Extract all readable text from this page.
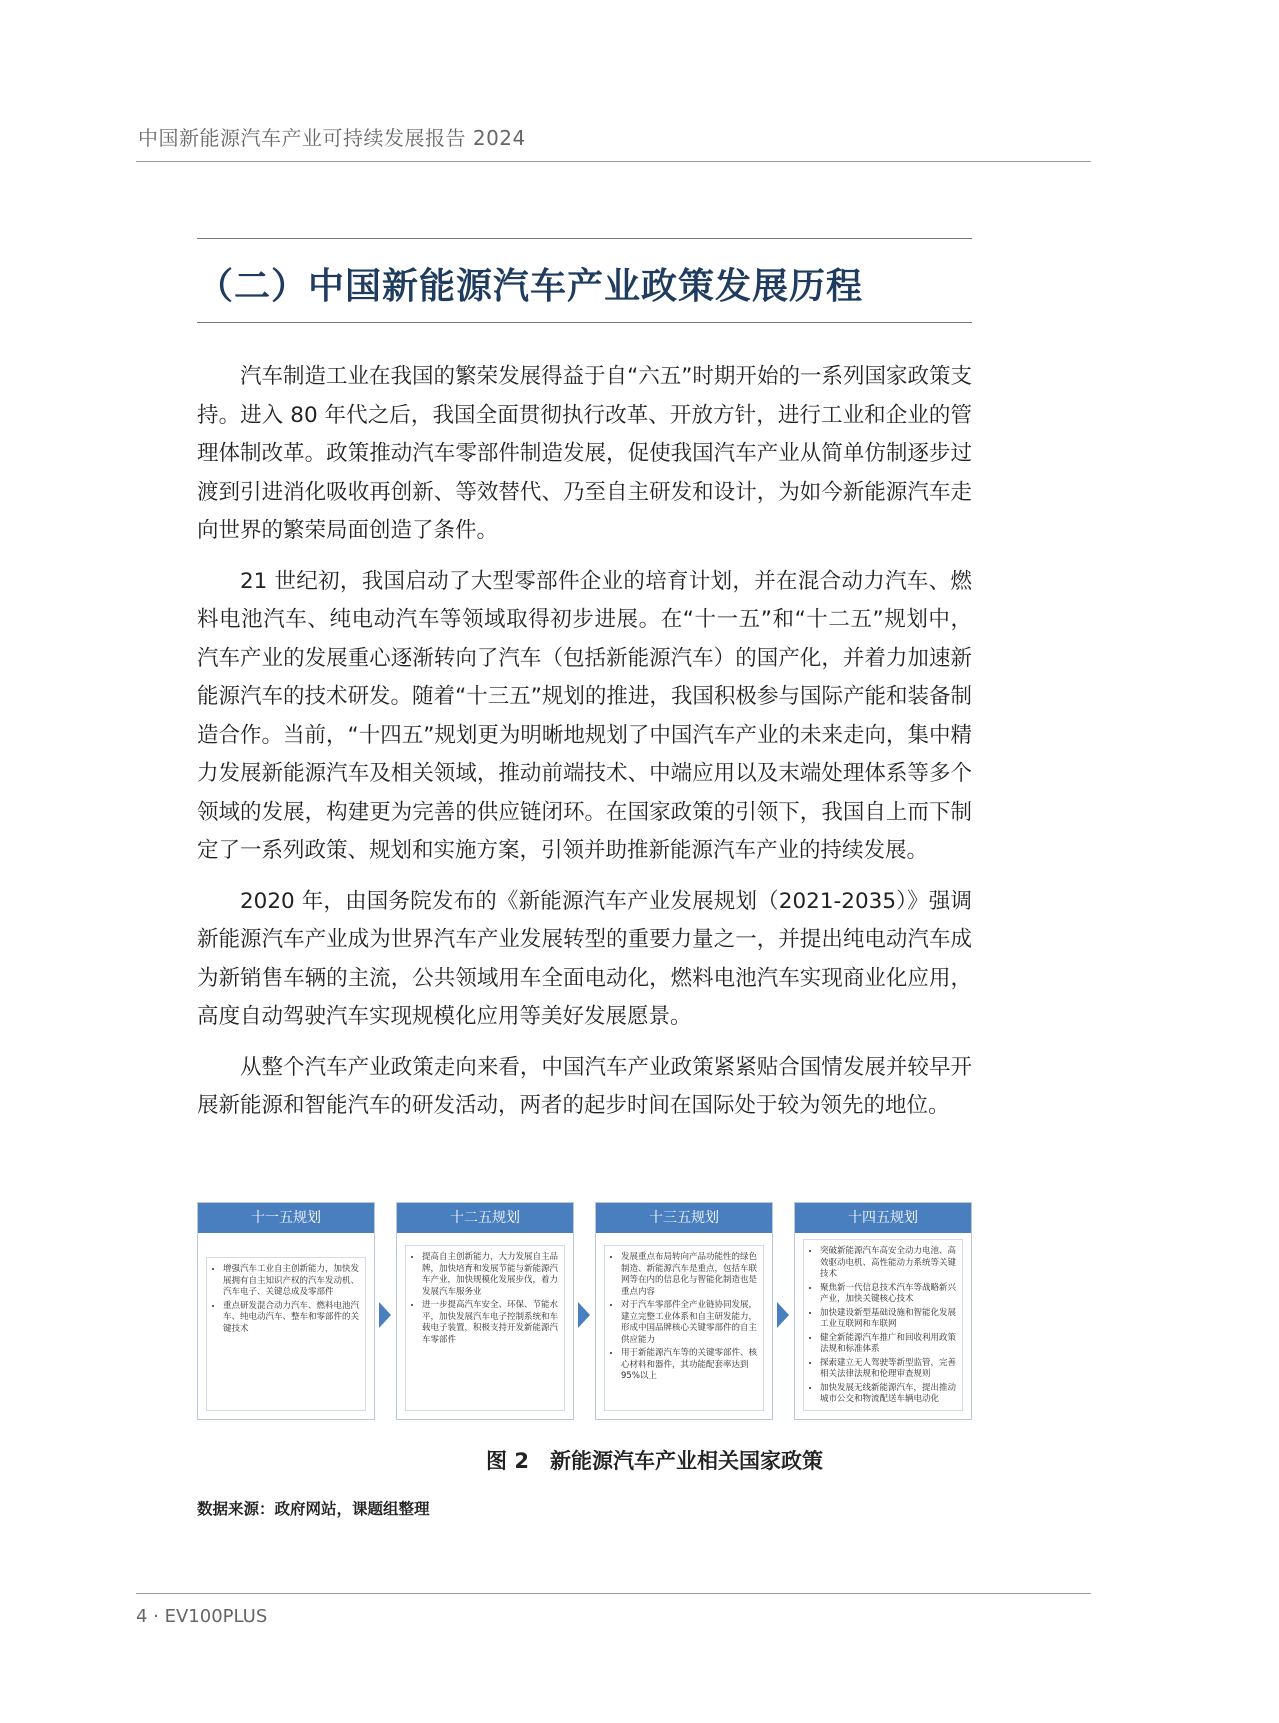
中国新能源汽车产业可持续发展报告 2024
（二）中国新能源汽车产业政策发展历程

汽车制造工业在我国的繁荣发展得益于自“六五”时期开始的一系列国家政策支持。进入 80 年代之后，我国全面贯彻执行改革、开放方针，进行工业和企业的管理体制改革。政策推动汽车零部件制造发展，促使我国汽车产业从简单仿制逐步过渡到引进消化吸收再创新、等效替代、乃至自主研发和设计，为如今新能源汽车走向世界的繁荣局面创造了条件。

21 世纪初，我国启动了大型零部件企业的培育计划，并在混合动力汽车、燃料电池汽车、纯电动汽车等领域取得初步进展。在“十一五”和“十二五”规划中，汽车产业的发展重心逐渐转向了汽车（包括新能源汽车）的国产化，并着力加速新能源汽车的技术研发。随着“十三五”规划的推进，我国积极参与国际产能和装备制造合作。当前，“十四五”规划更为明晰地规划了中国汽车产业的未来走向，集中精力发展新能源汽车及相关领域，推动前端技术、中端应用以及末端处理体系等多个领域的发展，构建更为完善的供应链闭环。在国家政策的引领下，我国自上而下制定了一系列政策、规划和实施方案，引领并助推新能源汽车产业的持续发展。

2020 年，由国务院发布的《新能源汽车产业发展规划（2021-2035）》强调新能源汽车产业成为世界汽车产业发展转型的重要力量之一，并提出纯电动汽车成为新销售车辆的主流，公共领域用车全面电动化，燃料电池汽车实现商业化应用，高度自动驾驶汽车实现规模化应用等美好发展愿景。

从整个汽车产业政策走向来看，中国汽车产业政策紧紧贴合国情发展并较早开展新能源和智能汽车的研发活动，两者的起步时间在国际处于较为领先的地位。

十一五规划
• 增强汽车工业自主创新能力，加快发展拥有自主知识产权的汽车发动机、汽车电子、关键总成及零部件
• 重点研发混合动力汽车、燃料电池汽车、纯电动汽车、整车和零部件的关键技术
十二五规划
• 提高自主创新能力，大力发展自主品牌，加快培育和发展节能与新能源汽车产业，加快规模化发展步伐，着力发展汽车服务业
• 进一步提高汽车安全、环保、节能水平，加快发展汽车电子控制系统和车载电子装置，积极支持开发新能源汽车零部件
十三五规划
• 发展重点布局转向产品功能性的绿色制造、新能源汽车是重点，包括车联网等在内的信息化与智能化制造也是重点内容
• 对于汽车零部件全产业链协同发展，建立完整工业体系和自主研发能力，形成中国品牌核心关键零部件的自主供应能力
• 用于新能源汽车等的关键零部件、核心材料和器件，其功能配套率达到95%以上
十四五规划
• 突破新能源汽车高安全动力电池、高效驱动电机、高性能动力系统等关键技术
• 聚焦新一代信息技术汽车等战略新兴产业，加快关键核心技术
• 加快建设新型基础设施和智能化发展工业互联网和车联网
• 健全新能源汽车推广和回收利用政策法规和标准体系
• 探索建立无人驾驶等新型监管，完善相关法律法规和伦理审查规则
• 加快发展无线新能源汽车，提出推动城市公交和物流配送车辆电动化
图 2　新能源汽车产业相关国家政策
数据来源：政府网站，课题组整理
4 · EV100PLUS
